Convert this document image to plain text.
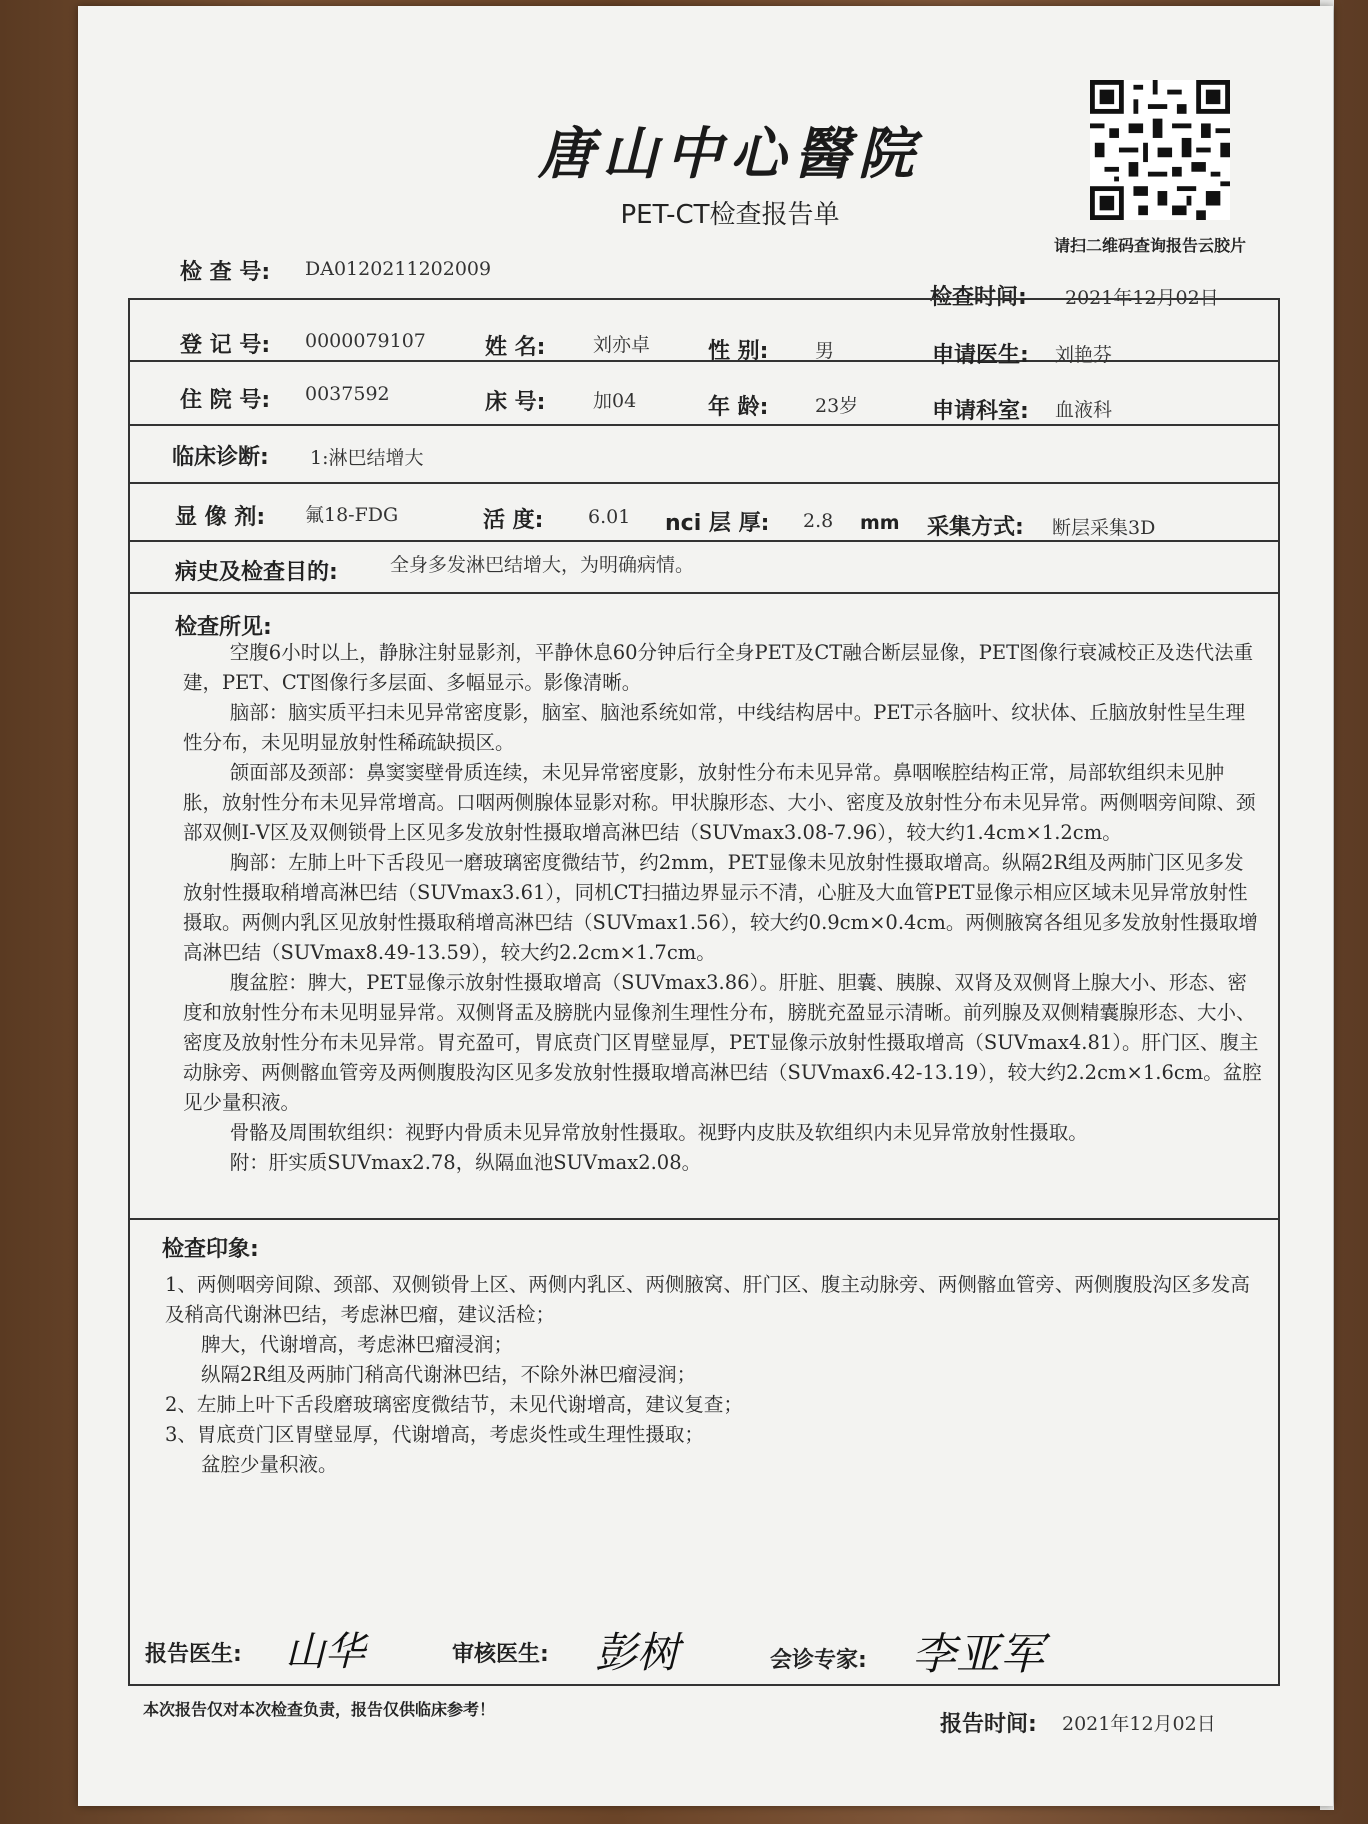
唐山中心醫院
PET-CT检查报告单
请扫二维码查询报告云胶片
检 查 号: DA0120211202009
检查时间: 2021年12月02日
登 记 号: 0000079107	姓 名:	刘亦卓	性 别: 男	申请医生: 刘艳芬
住 院 号: 0037592	床 号:	加04	年 龄: 23岁	申请科室: 血液科
临床诊断: 1:淋巴结增大
显 像 剂: 氟18-FDG	活 度: 6.01 nci 层 厚: 2.8 mm 采集方式: 断层采集3D
病史及检查目的:	全身多发淋巴结增大，为明确病情。
检查所见:

空腹6小时以上，静脉注射显影剂，平静休息60分钟后行全身PET及CT融合断层显像，PET图像行衰减校正及迭代法重建，PET、CT图像行多层面、多幅显示。影像清晰。

脑部：脑实质平扫未见异常密度影，脑室、脑池系统如常，中线结构居中。PET示各脑叶、纹状体、丘脑放射性呈生理性分布，未见明显放射性稀疏缺损区。

颌面部及颈部：鼻窦窦壁骨质连续，未见异常密度影，放射性分布未见异常。鼻咽喉腔结构正常，局部软组织未见肿胀，放射性分布未见异常增高。口咽两侧腺体显影对称。甲状腺形态、大小、密度及放射性分布未见异常。两侧咽旁间隙、颈部双侧Ⅰ-Ⅴ区及双侧锁骨上区见多发放射性摄取增高淋巴结（SUVmax3.08-7.96），较大约1.4cm×1.2cm。

胸部：左肺上叶下舌段见一磨玻璃密度微结节，约2mm，PET显像未见放射性摄取增高。纵隔2R组及两肺门区见多发放射性摄取稍增高淋巴结（SUVmax3.61），同机CT扫描边界显示不清，心脏及大血管PET显像示相应区域未见异常放射性摄取。两侧内乳区见放射性摄取稍增高淋巴结（SUVmax1.56），较大约0.9cm×0.4cm。两侧腋窝各组见多发放射性摄取增高淋巴结（SUVmax8.49-13.59），较大约2.2cm×1.7cm。

腹盆腔：脾大，PET显像示放射性摄取增高（SUVmax3.86）。肝脏、胆囊、胰腺、双肾及双侧肾上腺大小、形态、密度和放射性分布未见明显异常。双侧肾盂及膀胱内显像剂生理性分布，膀胱充盈显示清晰。前列腺及双侧精囊腺形态、大小、密度及放射性分布未见异常。胃充盈可，胃底贲门区胃壁显厚，PET显像示放射性摄取增高（SUVmax4.81）。肝门区、腹主动脉旁、两侧髂血管旁及两侧腹股沟区见多发放射性摄取增高淋巴结（SUVmax6.42-13.19），较大约2.2cm×1.6cm。盆腔见少量积液。

骨骼及周围软组织：视野内骨质未见异常放射性摄取。视野内皮肤及软组织内未见异常放射性摄取。

附：肝实质SUVmax2.78，纵隔血池SUVmax2.08。

检查印象:

1、两侧咽旁间隙、颈部、双侧锁骨上区、两侧内乳区、两侧腋窝、肝门区、腹主动脉旁、两侧髂血管旁、两侧腹股沟区多发高及稍高代谢淋巴结，考虑淋巴瘤，建议活检；

脾大，代谢增高，考虑淋巴瘤浸润；

纵隔2R组及两肺门稍高代谢淋巴结，不除外淋巴瘤浸润；

2、左肺上叶下舌段磨玻璃密度微结节，未见代谢增高，建议复查；

3、胃底贲门区胃壁显厚，代谢增高，考虑炎性或生理性摄取；

盆腔少量积液。

报告医生: 山华	审核医生: 彭树	会诊专家: 李亚军
本次报告仅对本次检查负责，报告仅供临床参考！
报告时间: 2021年12月02日
